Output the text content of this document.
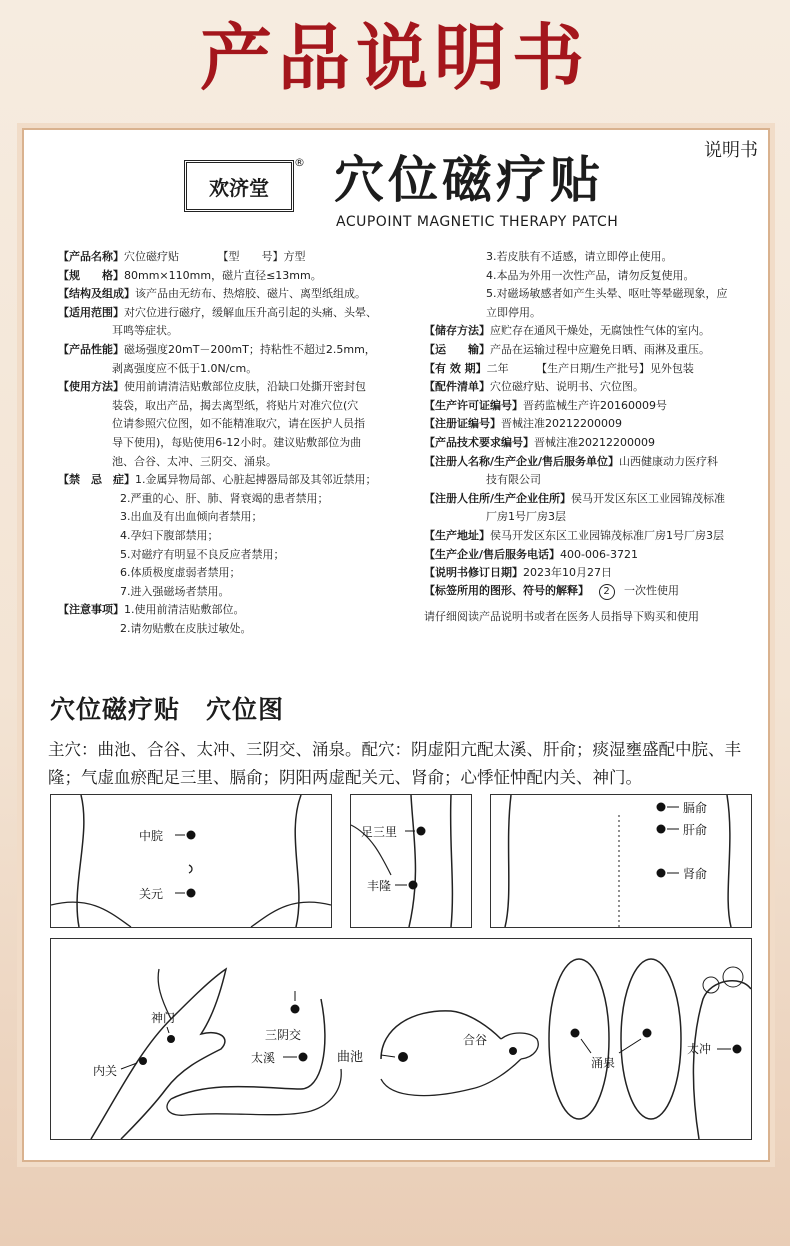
产品说明书
说明书
欢济堂
® 穴位磁疗贴
ACUPOINT MAGNETIC THERAPY PATCH
【产品名称】穴位磁疗贴　　　　【型　　号】方型
【规　　格】80mm×110mm，磁片直径≤13mm。
【结构及组成】该产品由无纺布、热熔胶、磁片、离型纸组成。
【适用范围】对穴位进行磁疗，缓解血压升高引起的头痛、头晕、
耳鸣等症状。
【产品性能】磁场强度20mT－200mT；持粘性不超过2.5mm，
剥离强度应不低于1.0N/cm。
【使用方法】使用前请清洁贴敷部位皮肤，沿缺口处撕开密封包
装袋，取出产品，揭去离型纸，将贴片对准穴位(穴
位请参照穴位图，如不能精准取穴，请在医护人员指
导下使用)，每贴使用6-12小时。建议贴敷部位为曲
池、合谷、太冲、三阴交、涌泉。
【禁　忌　症】1.金属异物局部、心脏起搏器局部及其邻近禁用；
2.严重的心、肝、肺、肾衰竭的患者禁用；
3.出血及有出血倾向者禁用；
4.孕妇下腹部禁用；
5.对磁疗有明显不良反应者禁用；
6.体质极度虚弱者禁用；
7.进入强磁场者禁用。
【注意事项】1.使用前清洁贴敷部位。
2.请勿贴敷在皮肤过敏处。
3.若皮肤有不适感，请立即停止使用。
4.本品为外用一次性产品，请勿反复使用。
5.对磁场敏感者如产生头晕、呕吐等晕磁现象，应
立即停用。
【储存方法】应贮存在通风干燥处，无腐蚀性气体的室内。
【运　　输】产品在运输过程中应避免日晒、雨淋及重压。
【有 效 期】二年　　　【生产日期/生产批号】见外包装
【配件清单】穴位磁疗贴、说明书、穴位图。
【生产许可证编号】晋药监械生产许20160009号
【注册证编号】晋械注准20212200009
【产品技术要求编号】晋械注准20212200009
【注册人名称/生产企业/售后服务单位】山西健康动力医疗科
技有限公司
【注册人住所/生产企业住所】侯马开发区东区工业园锦茂标准
厂房1号厂房3层
【生产地址】侯马开发区东区工业园锦茂标准厂房1号厂房3层
【生产企业/售后服务电话】400-006-3721
【说明书修订日期】2023年10月27日
【标签所用的图形、符号的解释】 2 一次性使用
请仔细阅读产品说明书或者在医务人员指导下购买和使用
穴位磁疗贴　穴位图
主穴：曲池、合谷、太冲、三阴交、涌泉。配穴：阴虚阳亢配太溪、肝俞；痰湿壅盛配中脘、丰隆；气虚血瘀配足三里、膈俞；阴阳两虚配关元、肾俞；心悸怔忡配内关、神门。
中脘
关元
足三里
丰隆
膈俞
肝俞
肾俞
神门
内关
三阴交
太溪	曲池
合谷
涌泉
太冲
